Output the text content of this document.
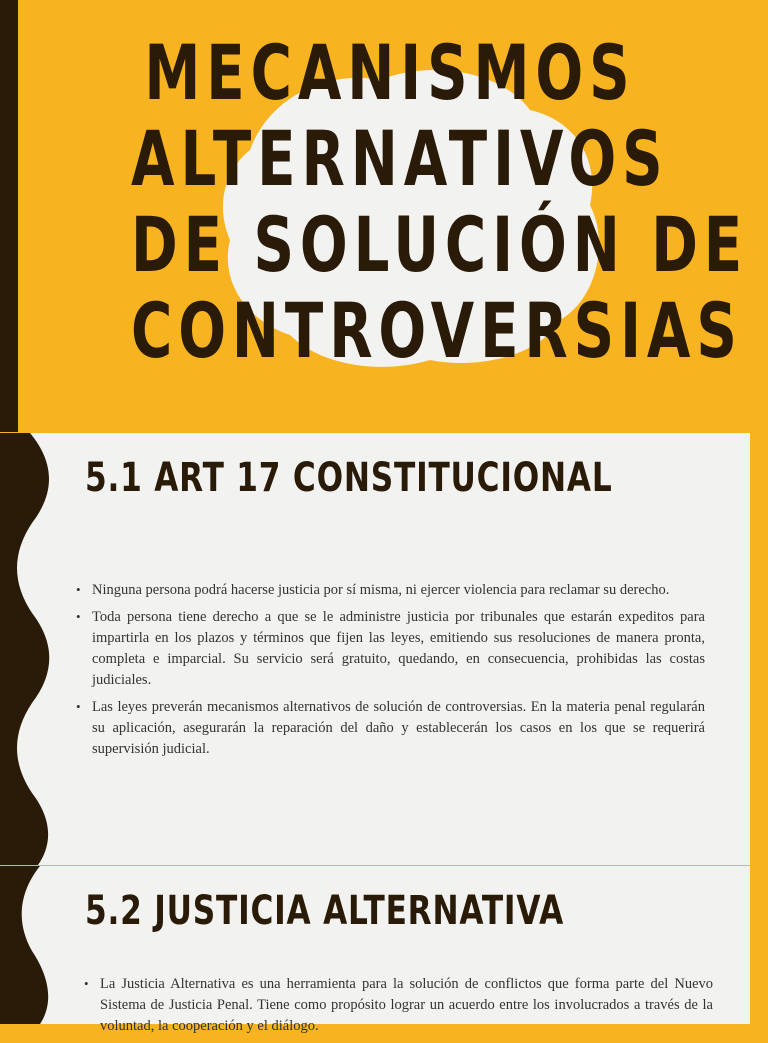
MECANISMOS
ALTERNATIVOS
DE SOLUCIÓN DE
CONTROVERSIAS
5.1 ART 17 CONSTITUCIONAL
• Ninguna persona podrá hacerse justicia por sí misma, ni ejercer violencia para reclamar su derecho.
• Toda persona tiene derecho a que se le administre justicia por tribunales que estarán expeditos para impartirla en los plazos y términos que fijen las leyes, emitiendo sus resoluciones de manera pronta, completa e imparcial. Su servicio será gratuito, quedando, en consecuencia, prohibidas las costas judiciales.
• Las leyes preverán mecanismos alternativos de solución de controversias. En la materia penal regularán su aplicación, asegurarán la reparación del daño y establecerán los casos en los que se requerirá supervisión judicial.
5.2 JUSTICIA ALTERNATIVA
• La Justicia Alternativa es una herramienta para la solución de conflictos que forma parte del Nuevo Sistema de Justicia Penal. Tiene como propósito lograr un acuerdo entre los involucrados a través de la voluntad, la cooperación y el diálogo.
